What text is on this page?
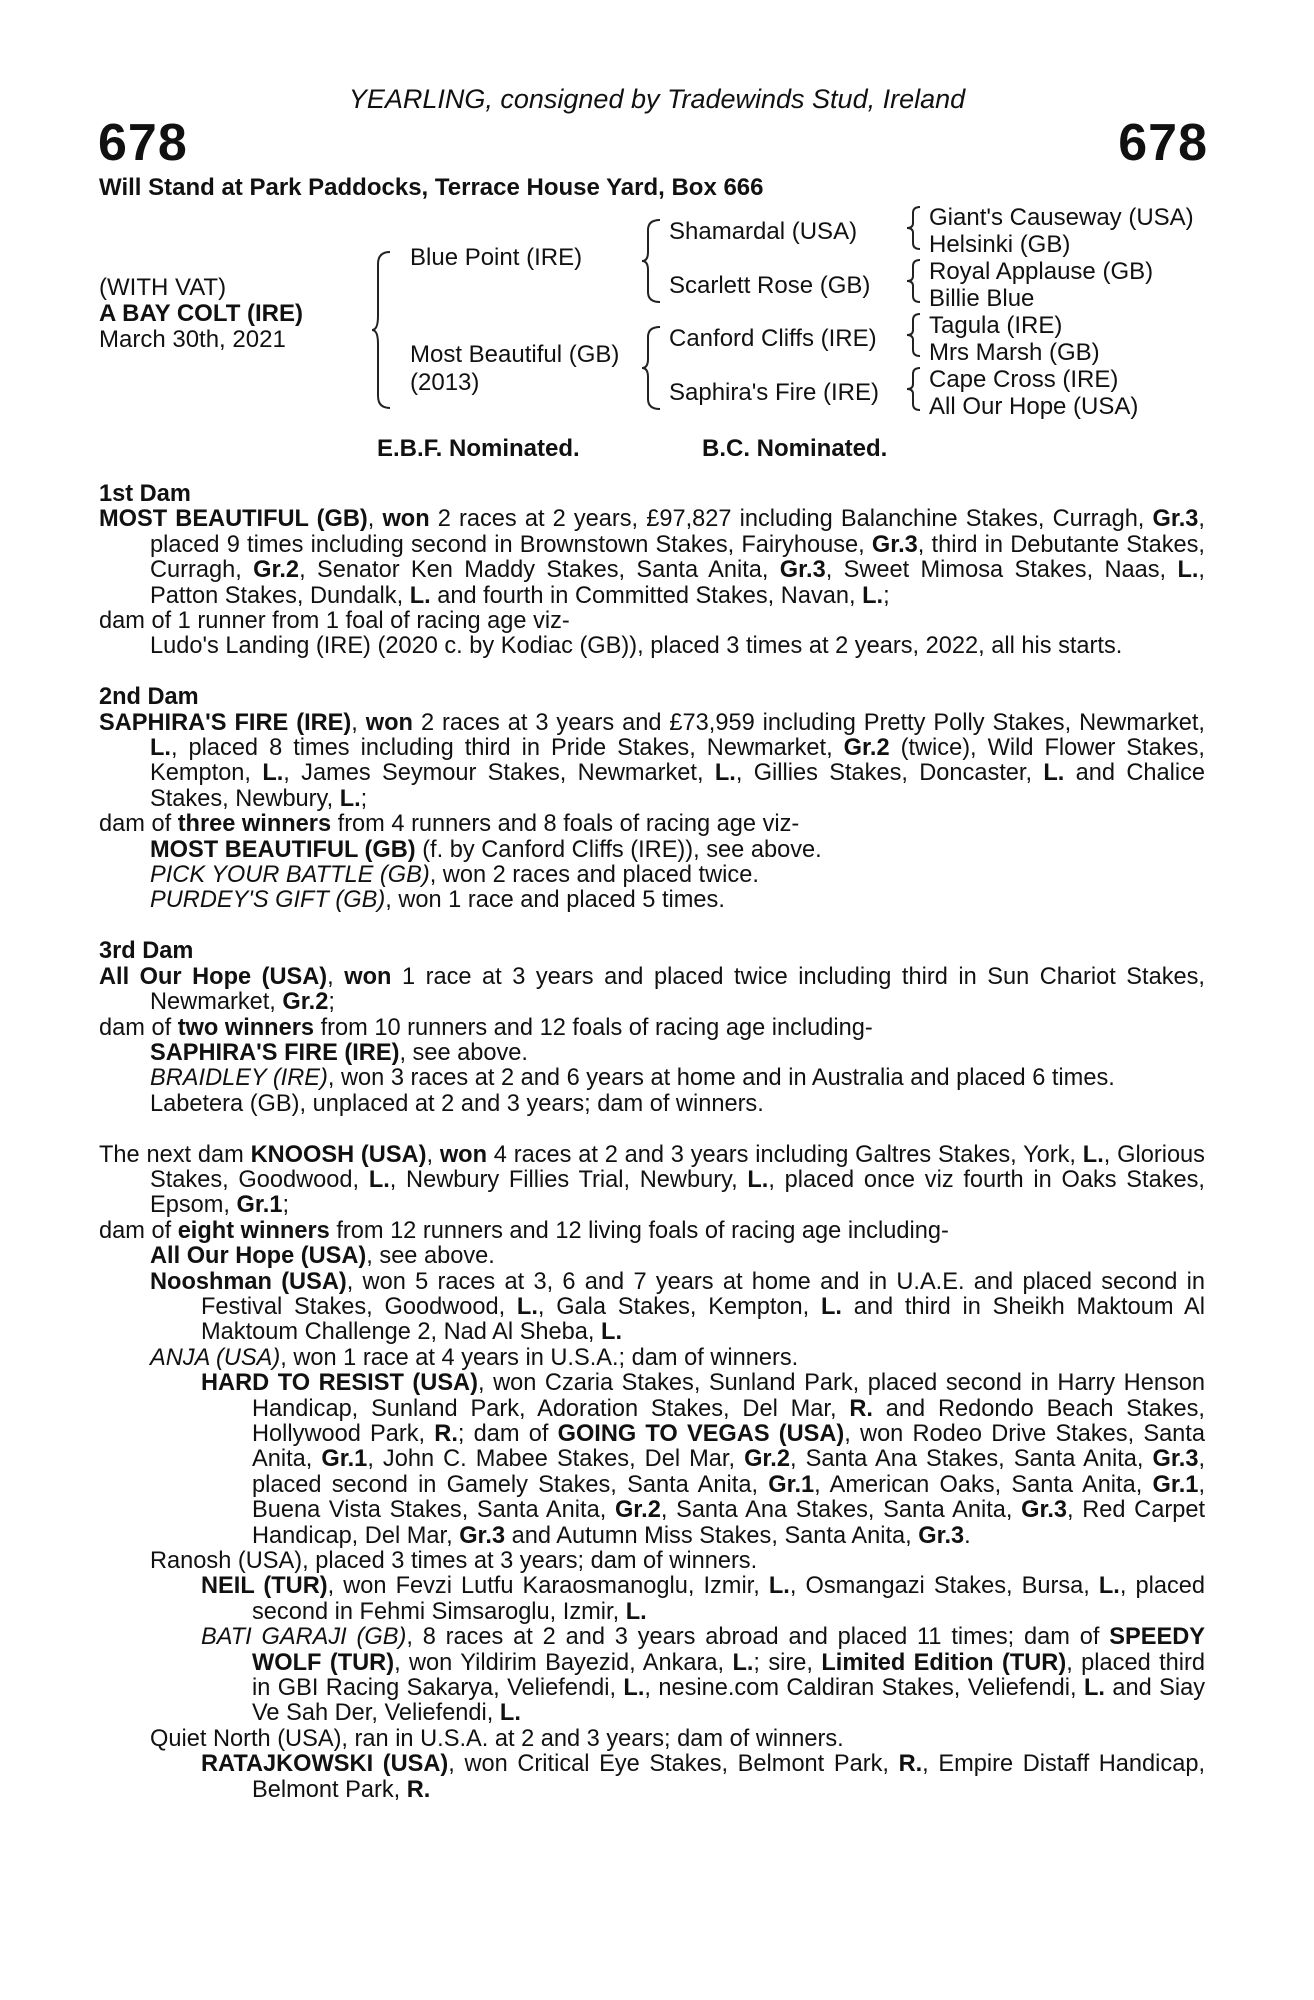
YEARLING, consigned by Tradewinds Stud, Ireland
678	678
Will Stand at Park Paddocks, Terrace House Yard, Box 666
(WITH VAT)
A BAY COLT (IRE)
March 30th, 2021
Blue Point (IRE)
Most Beautiful (GB)
(2013)
Shamardal (USA)
Scarlett Rose (GB)
Canford Cliffs (IRE)
Saphira's Fire (IRE)
Giant's Causeway (USA)
Helsinki (GB)
Royal Applause (GB)
Billie Blue
Tagula (IRE)
Mrs Marsh (GB)
Cape Cross (IRE)
All Our Hope (USA)
E.B.F. Nominated.	B.C. Nominated.

1st Dam

MOST BEAUTIFUL (GB), won 2 races at 2 years, £97,827 including Balanchine Stakes, Curragh, Gr.3, placed 9 times including second in Brownstown Stakes, Fairyhouse, Gr.3, third in Debutante Stakes, Curragh, Gr.2, Senator Ken Maddy Stakes, Santa Anita, Gr.3, Sweet Mimosa Stakes, Naas, L., Patton Stakes, Dundalk, L. and fourth in Committed Stakes, Navan, L.;

dam of 1 runner from 1 foal of racing age viz-

Ludo's Landing (IRE) (2020 c. by Kodiac (GB)), placed 3 times at 2 years, 2022, all his starts.

2nd Dam

SAPHIRA'S FIRE (IRE), won 2 races at 3 years and £73,959 including Pretty Polly Stakes, Newmarket, L., placed 8 times including third in Pride Stakes, Newmarket, Gr.2 (twice), Wild Flower Stakes, Kempton, L., James Seymour Stakes, Newmarket, L., Gillies Stakes, Doncaster, L. and Chalice Stakes, Newbury, L.;

dam of three winners from 4 runners and 8 foals of racing age viz-

MOST BEAUTIFUL (GB) (f. by Canford Cliffs (IRE)), see above.

PICK YOUR BATTLE (GB), won 2 races and placed twice.

PURDEY'S GIFT (GB), won 1 race and placed 5 times.

3rd Dam

All Our Hope (USA), won 1 race at 3 years and placed twice including third in Sun Chariot Stakes, Newmarket, Gr.2;

dam of two winners from 10 runners and 12 foals of racing age including-

SAPHIRA'S FIRE (IRE), see above.

BRAIDLEY (IRE), won 3 races at 2 and 6 years at home and in Australia and placed 6 times.

Labetera (GB), unplaced at 2 and 3 years; dam of winners.

The next dam KNOOSH (USA), won 4 races at 2 and 3 years including Galtres Stakes, York, L., Glorious Stakes, Goodwood, L., Newbury Fillies Trial, Newbury, L., placed once viz fourth in Oaks Stakes, Epsom, Gr.1;

dam of eight winners from 12 runners and 12 living foals of racing age including-

All Our Hope (USA), see above.

Nooshman (USA), won 5 races at 3, 6 and 7 years at home and in U.A.E. and placed second in Festival Stakes, Goodwood, L., Gala Stakes, Kempton, L. and third in Sheikh Maktoum Al Maktoum Challenge 2, Nad Al Sheba, L.

ANJA (USA), won 1 race at 4 years in U.S.A.; dam of winners.

HARD TO RESIST (USA), won Czaria Stakes, Sunland Park, placed second in Harry Henson Handicap, Sunland Park, Adoration Stakes, Del Mar, R. and Redondo Beach Stakes, Hollywood Park, R.; dam of GOING TO VEGAS (USA), won Rodeo Drive Stakes, Santa Anita, Gr.1, John C. Mabee Stakes, Del Mar, Gr.2, Santa Ana Stakes, Santa Anita, Gr.3, placed second in Gamely Stakes, Santa Anita, Gr.1, American Oaks, Santa Anita, Gr.1, Buena Vista Stakes, Santa Anita, Gr.2, Santa Ana Stakes, Santa Anita, Gr.3, Red Carpet Handicap, Del Mar, Gr.3 and Autumn Miss Stakes, Santa Anita, Gr.3.

Ranosh (USA), placed 3 times at 3 years; dam of winners.

NEIL (TUR), won Fevzi Lutfu Karaosmanoglu, Izmir, L., Osmangazi Stakes, Bursa, L., placed second in Fehmi Simsaroglu, Izmir, L.

BATI GARAJI (GB), 8 races at 2 and 3 years abroad and placed 11 times; dam of SPEEDY WOLF (TUR), won Yildirim Bayezid, Ankara, L.; sire, Limited Edition (TUR), placed third in GBI Racing Sakarya, Veliefendi, L., nesine.com Caldiran Stakes, Veliefendi, L. and Siay Ve Sah Der, Veliefendi, L.

Quiet North (USA), ran in U.S.A. at 2 and 3 years; dam of winners.

RATAJKOWSKI (USA), won Critical Eye Stakes, Belmont Park, R., Empire Distaff Handicap, Belmont Park, R.
